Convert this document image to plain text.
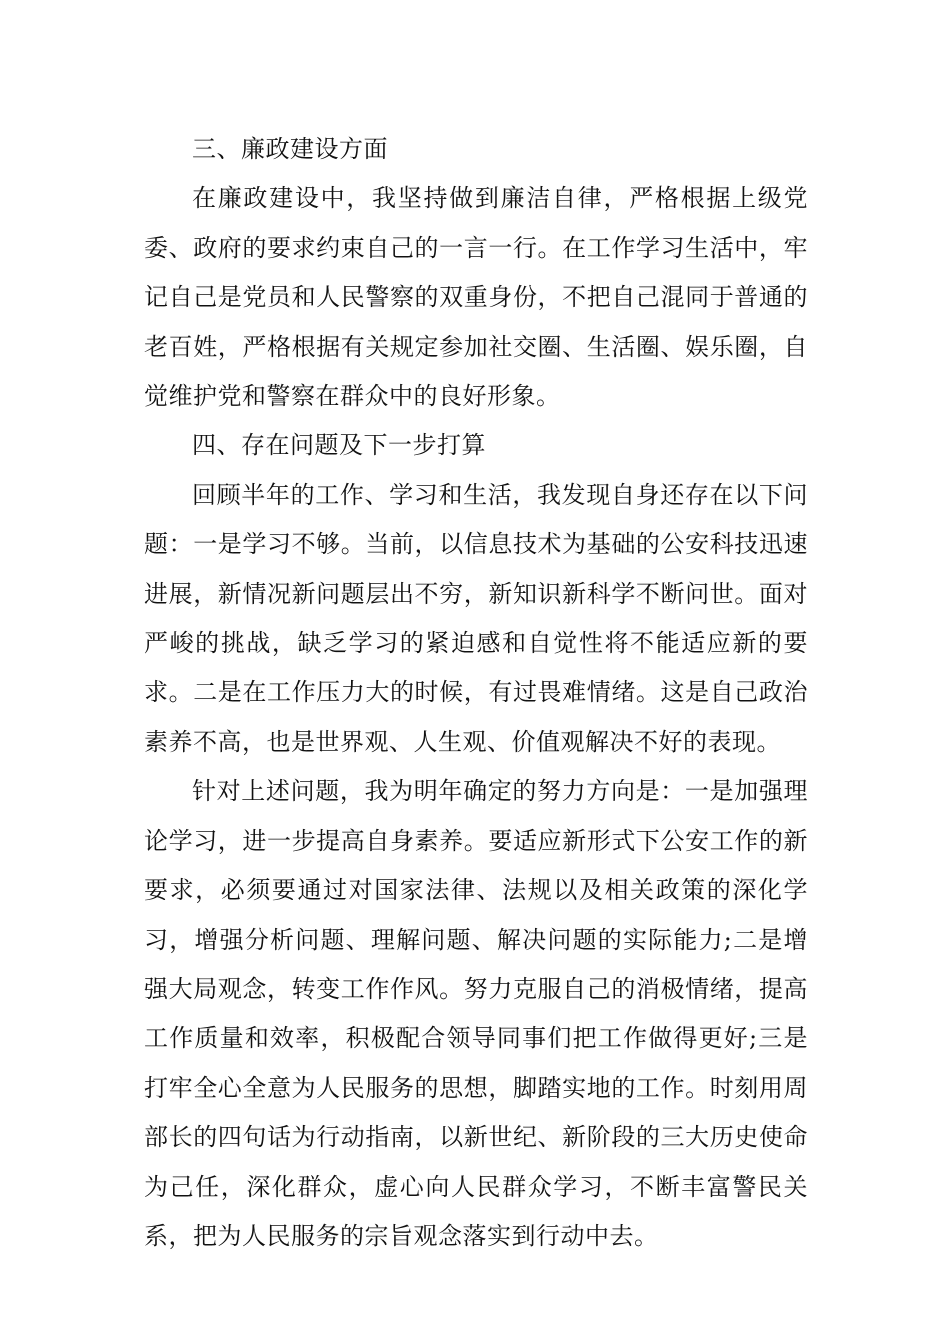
三、廉政建设方面

在廉政建设中，我坚持做到廉洁自律，严格根据上级党委、政府的要求约束自己的一言一行。在工作学习生活中，牢记自己是党员和人民警察的双重身份，不把自己混同于普通的老百姓，严格根据有关规定参加社交圈、生活圈、娱乐圈，自觉维护党和警察在群众中的良好形象。

四、存在问题及下一步打算

回顾半年的工作、学习和生活，我发现自身还存在以下问题：一是学习不够。当前，以信息技术为基础的公安科技迅速进展，新情况新问题层出不穷，新知识新科学不断问世。面对严峻的挑战，缺乏学习的紧迫感和自觉性将不能适应新的要求。二是在工作压力大的时候，有过畏难情绪。这是自己政治素养不高，也是世界观、人生观、价值观解决不好的表现。

针对上述问题，我为明年确定的努力方向是：一是加强理论学习，进一步提高自身素养。要适应新形式下公安工作的新要求，必须要通过对国家法律、法规以及相关政策的深化学习，增强分析问题、理解问题、解决问题的实际能力;二是增强大局观念，转变工作作风。努力克服自己的消极情绪，提高工作质量和效率，积极配合领导同事们把工作做得更好;三是打牢全心全意为人民服务的思想，脚踏实地的工作。时刻用周部长的四句话为行动指南，以新世纪、新阶段的三大历史使命为己任，深化群众，虚心向人民群众学习，不断丰富警民关系，把为人民服务的宗旨观念落实到行动中去。
